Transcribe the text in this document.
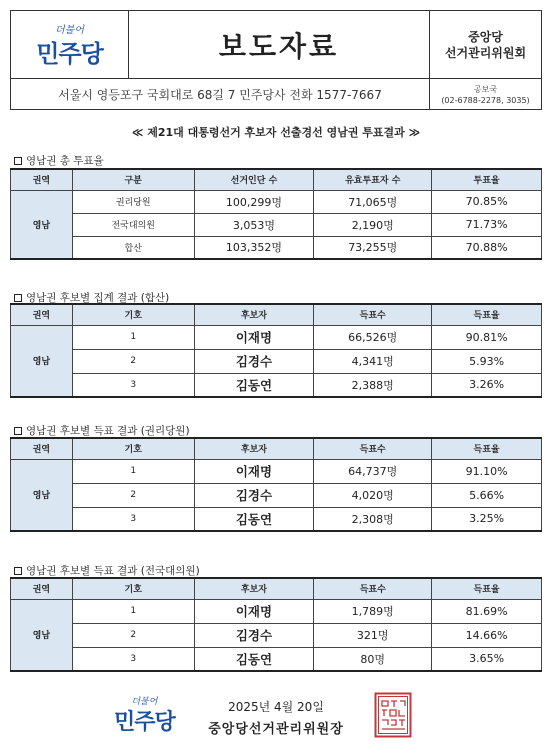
더불어
민주당	보도자료	중앙당
선거관리위원회
서울시 영등포구 국회대로 68길 7 민주당사 전화 1577-7667	공보국
(02-6788-2278, 3035)
≪ 제21대 대통령선거 후보자 선출경선 영남권 투표결과 ≫
영남권 총 투표율
권역	구분	선거인단 수	유효투표자 수	투표율
영남	권리당원	100,299명	71,065명	70.85%
	전국대의원	3,053명	2,190명	71.73%
	합산	103,352명	73,255명	70.88%
영남권 후보별 집계 결과 (합산)
권역	기호	후보자	득표수	득표율
영남	1	이재명	66,526명	90.81%
	2	김경수	4,341명	5.93%
	3	김동연	2,388명	3.26%
영남권 후보별 득표 결과 (권리당원)
권역	기호	후보자	득표수	득표율
영남	1	이재명	64,737명	91.10%
	2	김경수	4,020명	5.66%
	3	김동연	2,308명	3.25%
영남권 후보별 득표 결과 (전국대의원)
권역	기호	후보자	득표수	득표율
영남	1	이재명	1,789명	81.69%
	2	김경수	321명	14.66%
	3	김동연	80명	3.65%
더불어
민주당
2025년 4월 20일
중앙당선거관리위원장
